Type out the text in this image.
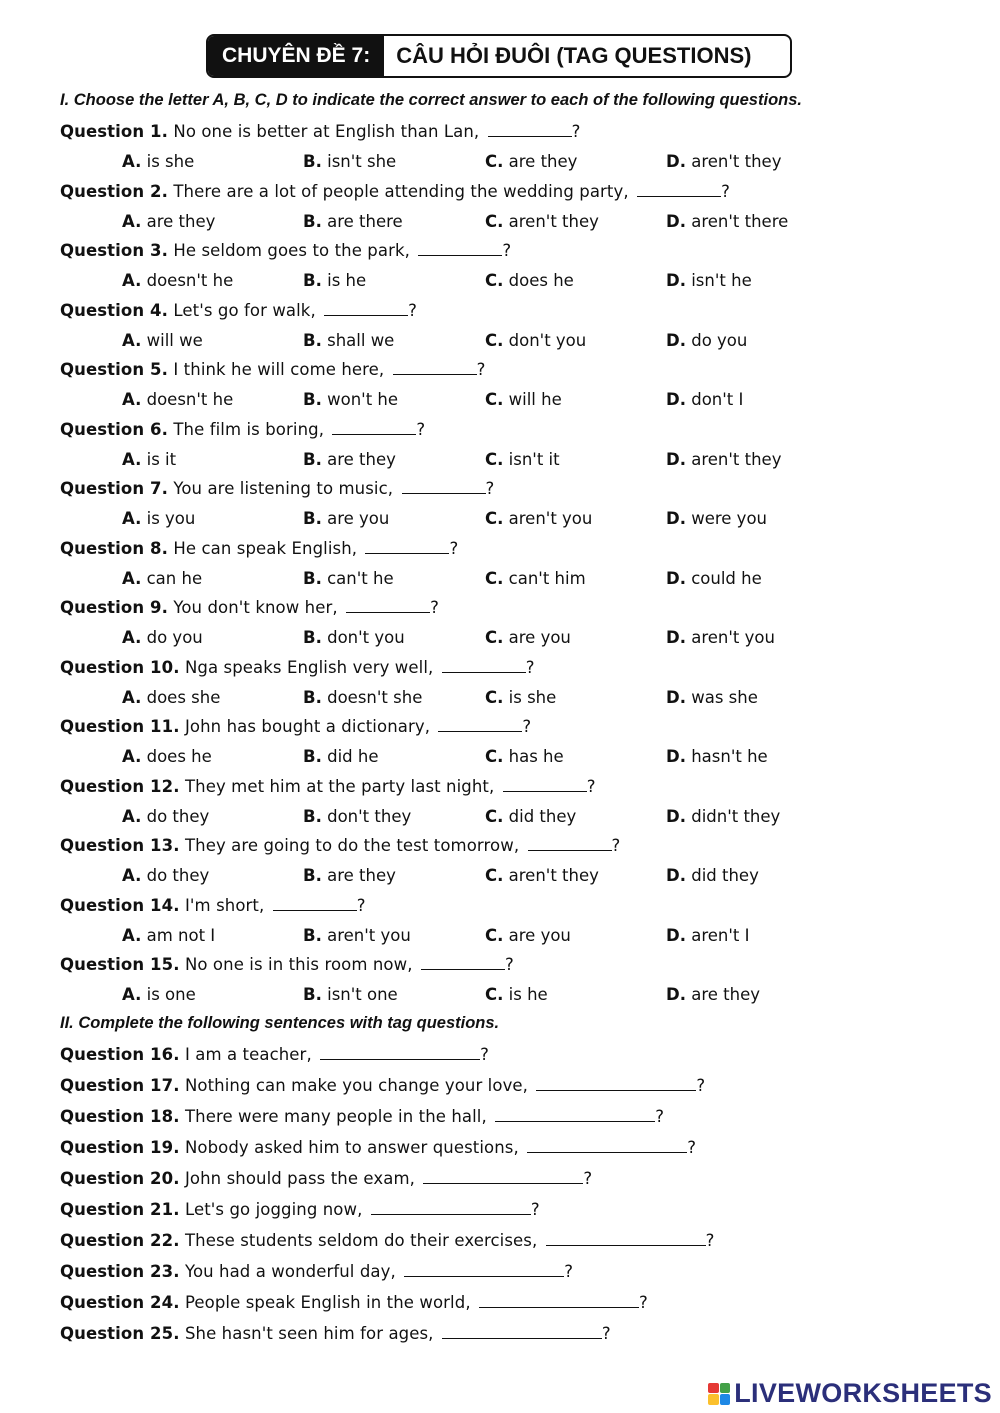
CHUYÊN ĐỀ 7:	CÂU HỎI ĐUÔI (TAG QUESTIONS)
I. Choose the letter A, B, C, D to indicate the correct answer to each of the following questions.
Question 1. No one is better at English than Lan,	?
A. is she	B. isn't she	C. are they	D. aren't they
Question 2. There are a lot of people attending the wedding party,	?
A. are they	B. are there	C. aren't they	D. aren't there
Question 3. He seldom goes to the park,	?
A. doesn't he	B. is he	C. does he	D. isn't he
Question 4. Let's go for walk,	?
A. will we	B. shall we	C. don't you	D. do you
Question 5. I think he will come here,	?
A. doesn't he	B. won't he	C. will he	D. don't I
Question 6. The film is boring,	?
A. is it	B. are they	C. isn't it	D. aren't they
Question 7. You are listening to music,	?
A. is you	B. are you	C. aren't you	D. were you
Question 8. He can speak English,	?
A. can he	B. can't he	C. can't him	D. could he
Question 9. You don't know her,	?
A. do you	B. don't you	C. are you	D. aren't you
Question 10. Nga speaks English very well,	?
A. does she	B. doesn't she	C. is she	D. was she
Question 11. John has bought a dictionary,	?
A. does he	B. did he	C. has he	D. hasn't he
Question 12. They met him at the party last night,	?
A. do they	B. don't they	C. did they	D. didn't they
Question 13. They are going to do the test tomorrow,	?
A. do they	B. are they	C. aren't they	D. did they
Question 14. I'm short,	?
A. am not I	B. aren't you	C. are you	D. aren't I
Question 15. No one is in this room now,	?
A. is one	B. isn't one	C. is he	D. are they
II. Complete the following sentences with tag questions.
Question 16. I am a teacher,	?
Question 17. Nothing can make you change your love,	?
Question 18. There were many people in the hall,	?
Question 19. Nobody asked him to answer questions,	?
Question 20. John should pass the exam,	?
Question 21. Let's go jogging now,	?
Question 22. These students seldom do their exercises,	?
Question 23. You had a wonderful day,	?
Question 24. People speak English in the world,	?
Question 25. She hasn't seen him for ages,	?
LIVEWORKSHEETS
